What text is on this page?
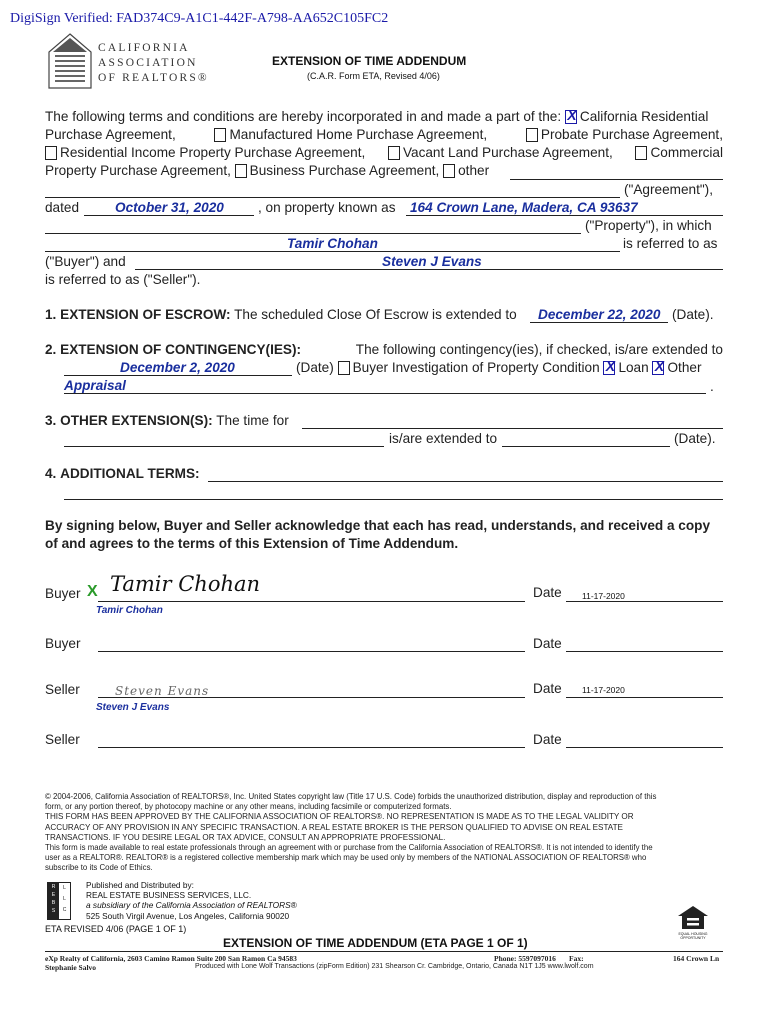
DigiSign Verified: FAD374C9-A1C1-442F-A798-AA652C105FC2
CALIFORNIA
ASSOCIATION
OF REALTORS®
EXTENSION OF TIME ADDENDUM
(C.A.R. Form ETA, Revised 4/06)
The following terms and conditions are hereby incorporated in and made a part of the: X California Residential
Purchase Agreement,	Manufactured Home Purchase Agreement,	Probate Purchase Agreement,
Residential Income Property Purchase Agreement,	Vacant Land Purchase Agreement,	Commercial
Property Purchase Agreement, Business Purchase Agreement, other
("Agreement"),
dated	October 31, 2020	, on property known as 164 Crown Lane, Madera, CA 93637
("Property"), in which
Tamir Chohan	is referred to as
("Buyer") and	Steven J Evans
is referred to as ("Seller").
1. EXTENSION OF ESCROW: The scheduled Close Of Escrow is extended to December 22, 2020 (Date).
2. EXTENSION OF CONTINGENCY(IES):	The following contingency(ies), if checked, is/are extended to
December 2, 2020	(Date) Buyer Investigation of Property Condition X Loan X Other
Appraisal	.
3. OTHER EXTENSION(S): The time for
is/are extended to	(Date).
4. ADDITIONAL TERMS:
By signing below, Buyer and Seller acknowledge that each has read, understands, and received a copy
of and agrees to the terms of this Extension of Time Addendum.
Buyer X Tamir Chohan
Tamir Chohan
Date 11-17-2020
Buyer	Date
Seller	Steven Evans
Steven J Evans
Date 11-17-2020
Seller	Date
© 2004-2006, California Association of REALTORS®, Inc. United States copyright law (Title 17 U.S. Code) forbids the unauthorized distribution, display and reproduction of this
form, or any portion thereof, by photocopy machine or any other means, including facsimile or computerized formats.
THIS FORM HAS BEEN APPROVED BY THE CALIFORNIA ASSOCIATION OF REALTORS®. NO REPRESENTATION IS MADE AS TO THE LEGAL VALIDITY OR
ACCURACY OF ANY PROVISION IN ANY SPECIFIC TRANSACTION. A REAL ESTATE BROKER IS THE PERSON QUALIFIED TO ADVISE ON REAL ESTATE
TRANSACTIONS. IF YOU DESIRE LEGAL OR TAX ADVICE, CONSULT AN APPROPRIATE PROFESSIONAL.
This form is made available to real estate professionals through an agreement with or purchase from the California Association of REALTORS®. It is not intended to identify the
user as a REALTOR®. REALTOR® is a registered collective membership mark which may be used only by members of the NATIONAL ASSOCIATION OF REALTORS® who
subscribe to its Code of Ethics.
R
E
B
S
L
L
C
Published and Distributed by:
REAL ESTATE BUSINESS SERVICES, LLC.
a subsidiary of the California Association of REALTORS®
525 South Virgil Avenue, Los Angeles, California 90020
ETA REVISED 4/06 (PAGE 1 OF 1)	EQUAL HOUSING OPPORTUNITY
EXTENSION OF TIME ADDENDUM (ETA PAGE 1 OF 1)
eXp Realty of California, 2603 Camino Ramon Suite 200 San Ramon Ca 94583	Phone: 5597097016 Fax:	164 Crown Ln
Stephanie Salvo	Produced with Lone Wolf Transactions (zipForm Edition) 231 Shearson Cr. Cambridge, Ontario, Canada N1T 1J5 www.lwolf.com
